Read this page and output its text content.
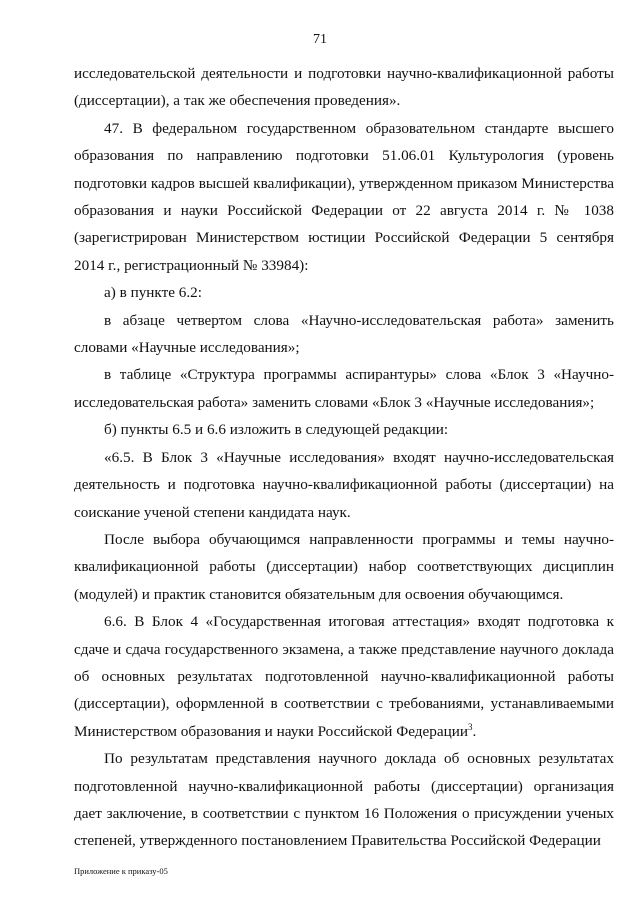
71

исследовательской деятельности и подготовки научно-квалификационной работы (диссертации), а так же обеспечения проведения».

47. В федеральном государственном образовательном стандарте высшего образования по направлению подготовки 51.06.01 Культурология (уровень подготовки кадров высшей квалификации), утвержденном приказом Министерства образования и науки Российской Федерации от 22 августа 2014 г. № 1038 (зарегистрирован Министерством юстиции Российской Федерации 5 сентября 2014 г., регистрационный № 33984):

а) в пункте 6.2:

в абзаце четвертом слова «Научно-исследовательская работа» заменить словами «Научные исследования»;

в таблице «Структура программы аспирантуры» слова «Блок 3 «Научно-исследовательская работа» заменить словами «Блок 3 «Научные исследования»;

б) пункты 6.5 и 6.6 изложить в следующей редакции:

«6.5. В Блок 3 «Научные исследования» входят научно-исследовательская деятельность и подготовка научно-квалификационной работы (диссертации) на соискание ученой степени кандидата наук.

После выбора обучающимся направленности программы и темы научно-квалификационной работы (диссертации) набор соответствующих дисциплин (модулей) и практик становится обязательным для освоения обучающимся.

6.6. В Блок 4 «Государственная итоговая аттестация» входят подготовка к сдаче и сдача государственного экзамена, а также представление научного доклада об основных результатах подготовленной научно-квалификационной работы (диссертации), оформленной в соответствии с требованиями, устанавливаемыми Министерством образования и науки Российской Федерации$^3$.

По результатам представления научного доклада об основных результатах подготовленной научно-квалификационной работы (диссертации) организация дает заключение, в соответствии с пунктом 16 Положения о присуждении ученых степеней, утвержденного постановлением Правительства Российской Федерации

Приложение к приказу-05
